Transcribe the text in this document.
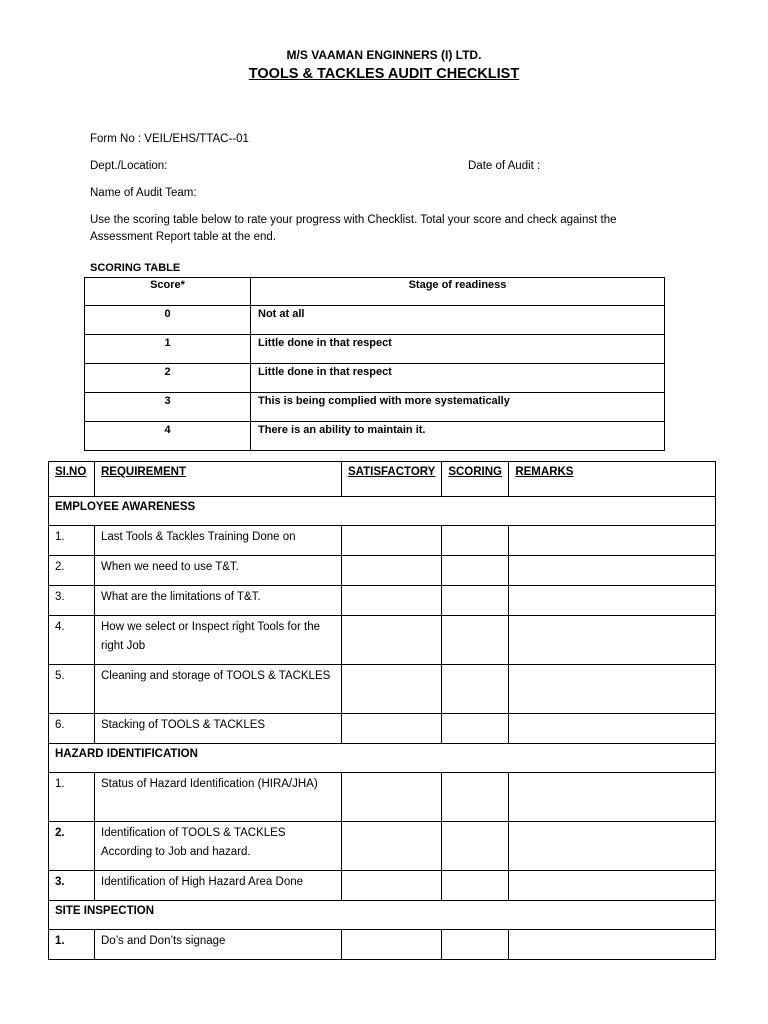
M/S VAAMAN ENGINNERS (I) LTD.
TOOLS & TACKLES AUDIT CHECKLIST
Form No : VEIL/EHS/TTAC--01
Dept./Location:	Date of Audit :
Name of Audit Team:
Use the scoring table below to rate your progress with Checklist. Total your score and check against the
Assessment Report table at the end.
SCORING TABLE
Score*	Stage of readiness
0	Not at all
1	Little done in that respect
2	Little done in that respect
3	This is being complied with more systematically
4	There is an ability to maintain it.
SI.NO	REQUIREMENT	SATISFACTORY	SCORING	REMARKS
EMPLOYEE AWARENESS				
1.	Last Tools & Tackles Training Done on			
2.	When we need to use T&T.			
3.	What are the limitations of T&T.			
4.	How we select or Inspect right Tools for the right Job			
5.	Cleaning and storage of TOOLS & TACKLES			
6.	Stacking of TOOLS & TACKLES			
HAZARD IDENTIFICATION				
1.	Status of Hazard Identification (HIRA/JHA)			
2.	Identification of TOOLS & TACKLES According to Job and hazard.			
3.	Identification of High Hazard Area Done			
SITE INSPECTION				
1.	Do’s and Don’ts signage			
